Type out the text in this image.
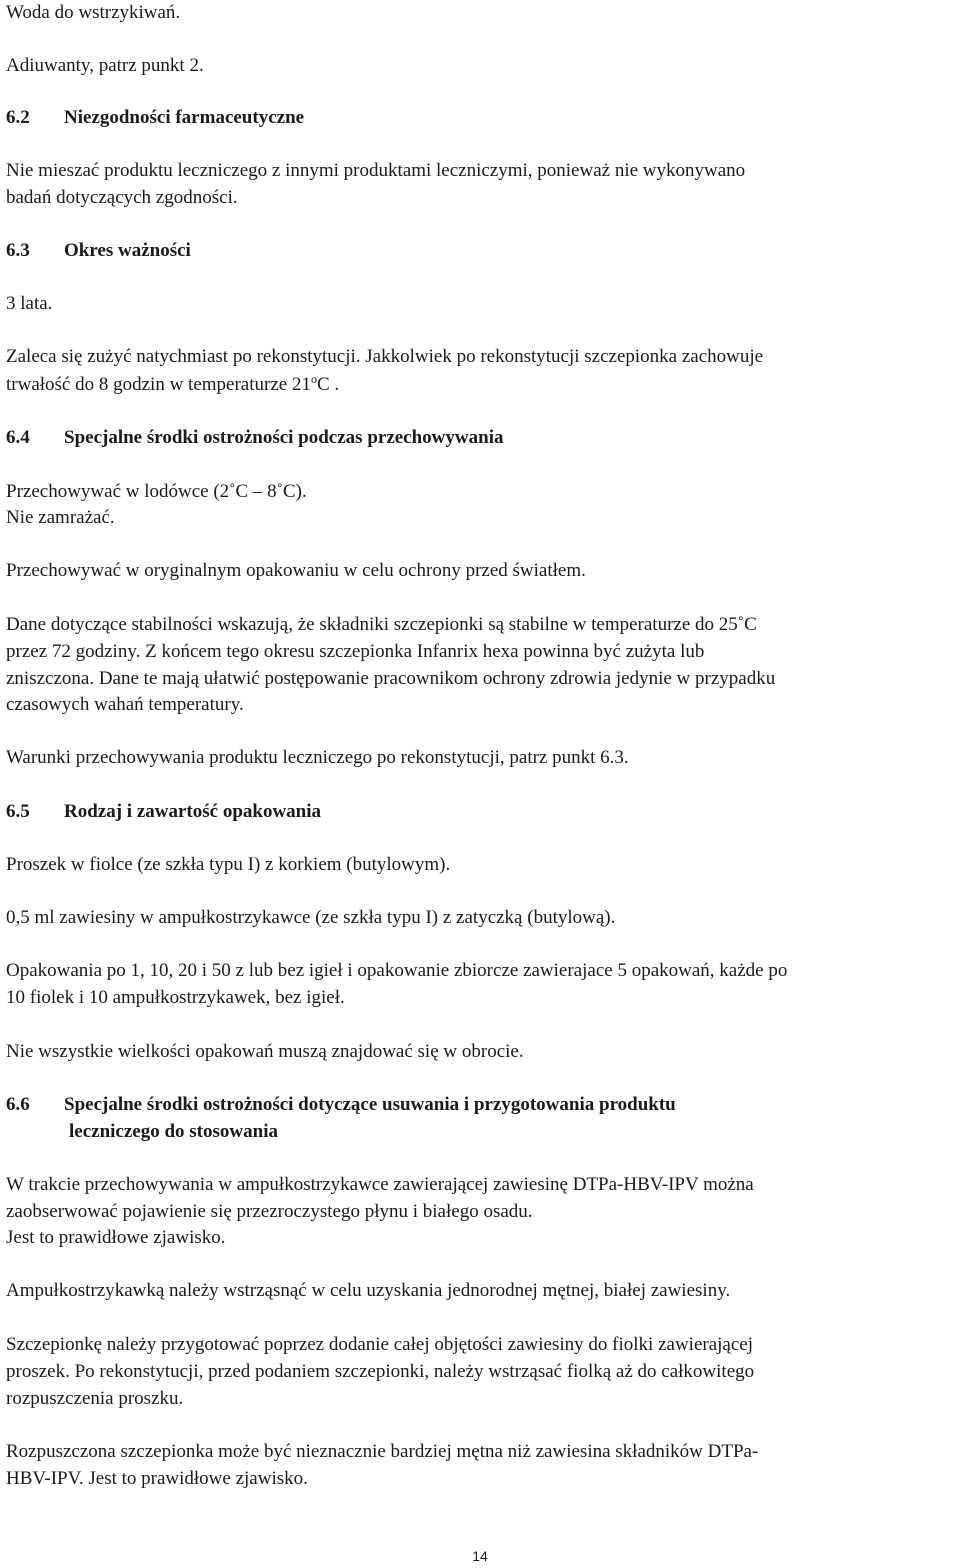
Woda do wstrzykiwań.
Adiuwanty, patrz punkt 2.
6.2 Niezgodności farmaceutyczne
Nie mieszać produktu leczniczego z innymi produktami leczniczymi, ponieważ nie wykonywano
badań dotyczących zgodności.
6.3 Okres ważności
3 lata.
Zaleca się zużyć natychmiast po rekonstytucji. Jakkolwiek po rekonstytucji szczepionka zachowuje
trwałość do 8 godzin w temperaturze 21$^o$C .
6.4 Specjalne środki ostrożności podczas przechowywania
Przechowywać w lodówce (2˚C – 8˚C).
Nie zamrażać.
Przechowywać w oryginalnym opakowaniu w celu ochrony przed światłem.
Dane dotyczące stabilności wskazują, że składniki szczepionki są stabilne w temperaturze do 25˚C
przez 72 godziny. Z końcem tego okresu szczepionka Infanrix hexa powinna być zużyta lub
zniszczona. Dane te mają ułatwić postępowanie pracownikom ochrony zdrowia jedynie w przypadku
czasowych wahań temperatury.
Warunki przechowywania produktu leczniczego po rekonstytucji, patrz punkt 6.3.
6.5 Rodzaj i zawartość opakowania
Proszek w fiolce (ze szkła typu I) z korkiem (butylowym).
0,5 ml zawiesiny w ampułkostrzykawce (ze szkła typu I) z zatyczką (butylową).
Opakowania po 1, 10, 20 i 50 z lub bez igieł i opakowanie zbiorcze zawierajace 5 opakowań, każde po
10 fiolek i 10 ampułkostrzykawek, bez igieł.
Nie wszystkie wielkości opakowań muszą znajdować się w obrocie.
6.6 Specjalne środki ostrożności dotyczące usuwania i przygotowania produktu
leczniczego do stosowania
W trakcie przechowywania w ampułkostrzykawce zawierającej zawiesinę DTPa-HBV-IPV można
zaobserwować pojawienie się przezroczystego płynu i białego osadu.
Jest to prawidłowe zjawisko.
Ampułkostrzykawką należy wstrząsnąć w celu uzyskania jednorodnej mętnej, białej zawiesiny.
Szczepionkę należy przygotować poprzez dodanie całej objętości zawiesiny do fiolki zawierającej
proszek. Po rekonstytucji, przed podaniem szczepionki, należy wstrząsać fiolką aż do całkowitego
rozpuszczenia proszku.
Rozpuszczona szczepionka może być nieznacznie bardziej mętna niż zawiesina składników DTPa-
HBV-IPV. Jest to prawidłowe zjawisko.
14
